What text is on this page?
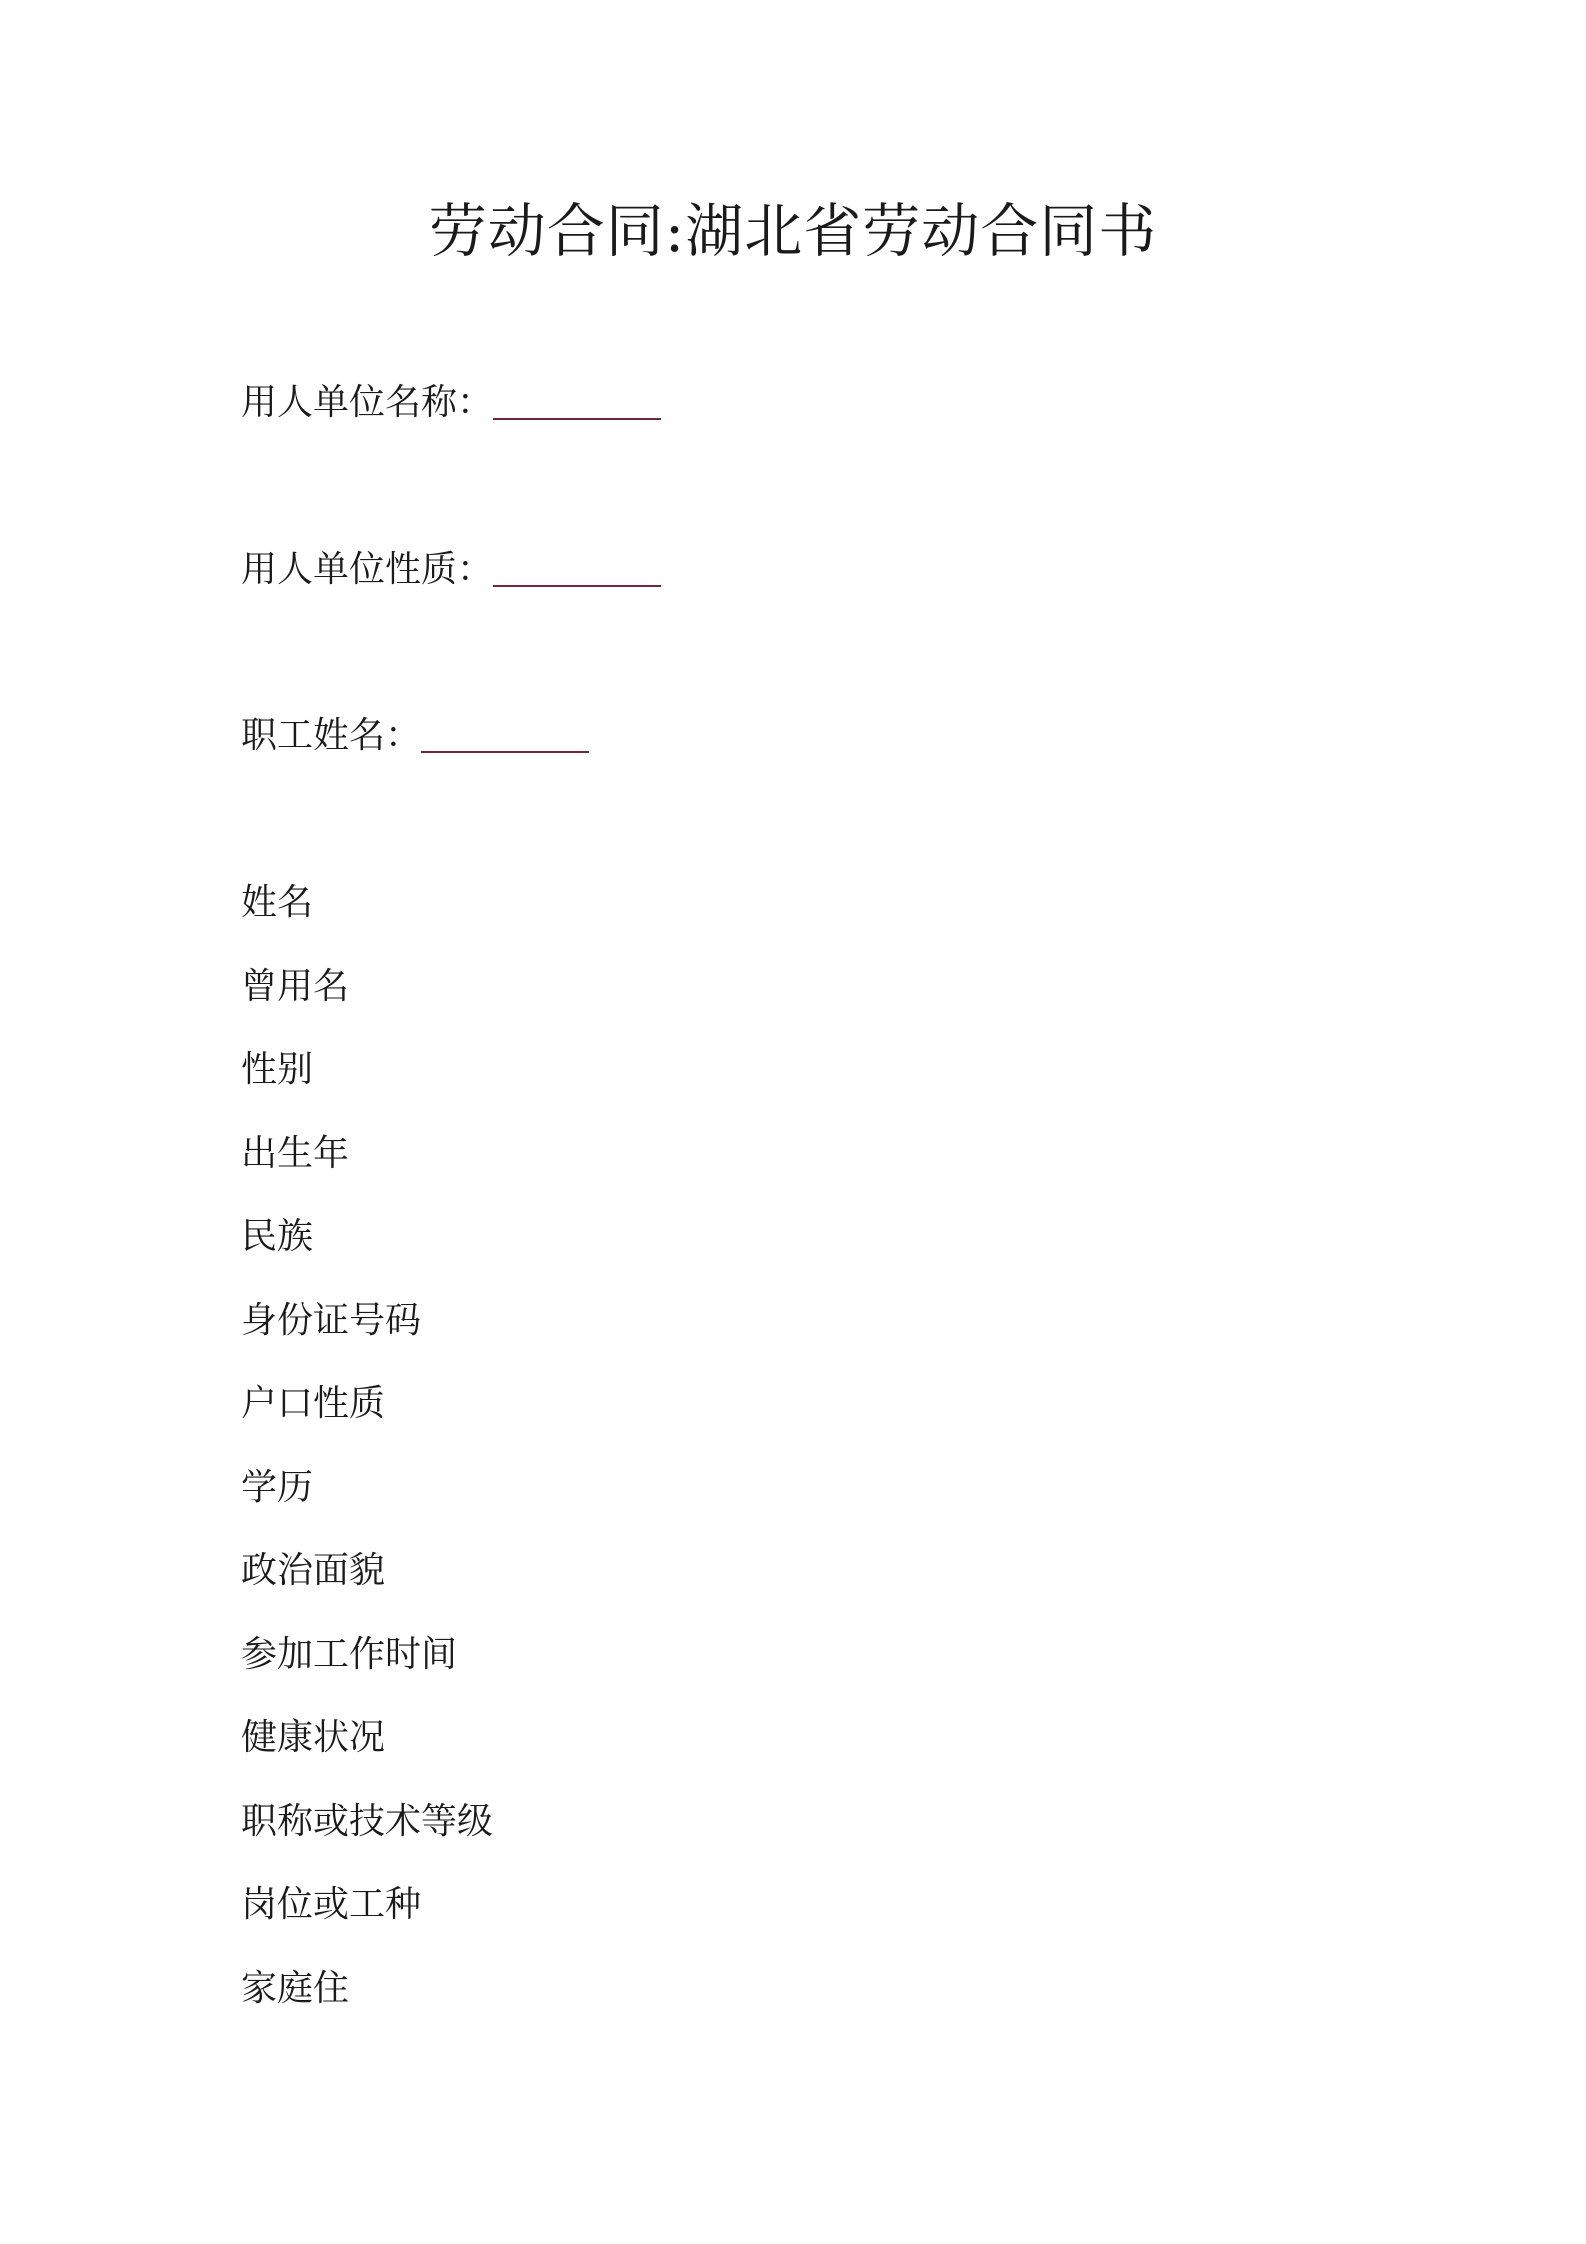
劳动合同:湖北省劳动合同书
用人单位名称：
用人单位性质：
职工姓名：
姓名
曾用名
性别
出生年
民族
身份证号码
户口性质
学历
政治面貌
参加工作时间
健康状况
职称或技术等级
岗位或工种
家庭住
